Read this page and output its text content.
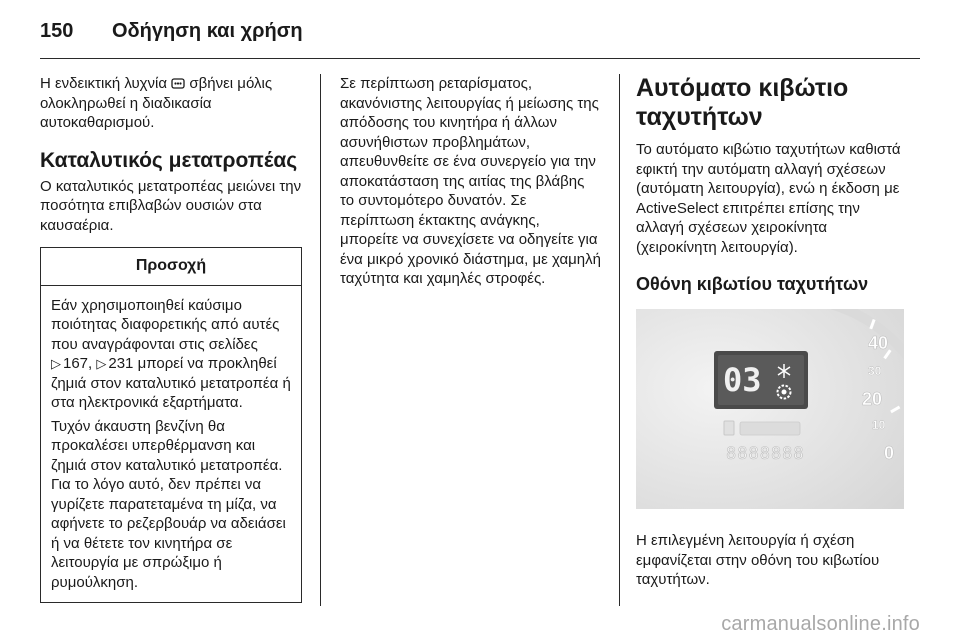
150	Οδήγηση και χρήση

Η ενδεικτική λυχνία σβήνει μόλις ολοκληρωθεί η διαδικασία αυτοκαθαρισμού.

Καταλυτικός μετατροπέας

Ο καταλυτικός μετατροπέας μειώνει την ποσότητα επιβλαβών ουσιών στα καυσαέρια.

Προσοχή

Εάν χρησιμοποιηθεί καύσιμο ποιότητας διαφορετικής από αυτές που αναγράφονται στις σελίδες
▷ 167, ▷ 231 μπορεί να προκληθεί ζημιά στον καταλυτικό μετατροπέα ή στα ηλεκτρονικά εξαρτήματα.

Τυχόν άκαυστη βενζίνη θα προκαλέσει υπερθέρμανση και ζημιά στον καταλυτικό μετατροπέα. Για το λόγο αυτό, δεν πρέπει να γυρίζετε παρατεταμένα τη μίζα, να αφήνετε το ρεζερβουάρ να αδειάσει ή να θέτετε τον κινητήρα σε λειτουργία με σπρώξιμο ή ρυμούλκηση.

Σε περίπτωση ρεταρίσματος, ακανόνιστης λειτουργίας ή μείωσης της απόδοσης του κινητήρα ή άλλων ασυνήθιστων προβλημάτων, απευθυνθείτε σε ένα συνεργείο για την αποκατάσταση της αιτίας της βλάβης το συντομότερο δυνατόν. Σε περίπτωση έκτακτης ανάγκης, μπορείτε να συνεχίσετε να οδηγείτε για ένα μικρό χρονικό διάστημα, με χαμηλή ταχύτητα και χαμηλές στροφές.

Αυτόματο κιβώτιο ταχυτήτων

Το αυτόματο κιβώτιο ταχυτήτων καθιστά εφικτή την αυτόματη αλλαγή σχέσεων (αυτόματη λειτουργία), ενώ η έκδοση με ActiveSelect επιτρέπει επίσης την αλλαγή σχέσεων χειροκίνητα (χειροκίνητη λειτουργία).

Οθόνη κιβωτίου ταχυτήτων
40
30
20
10
0
03
8888888

Η επιλεγμένη λειτουργία ή σχέση εμφανίζεται στην οθόνη του κιβωτίου ταχυτήτων.

carmanualsonline.info
